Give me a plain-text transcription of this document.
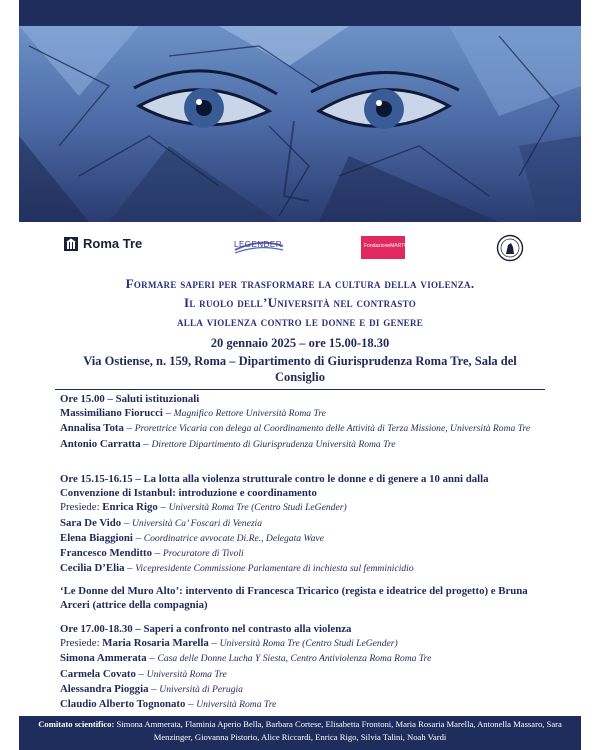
Roma Tre	LEGENDER	FondazioneMARTON
Formare saperi per trasformare la cultura della violenza.
Il ruolo dell’Università nel contrasto
alla violenza contro le donne e di genere
20 gennaio 2025 – ore 15.00-18.30
Via Ostiense, n. 159, Roma – Dipartimento di Giurisprudenza Roma Tre, Sala del Consiglio
Ore 15.00 – Saluti istituzionali
Massimiliano Fiorucci – Magnifico Rettore Università Roma Tre
Annalisa Tota – Prorettrice Vicaria con delega al Coordinamento delle Attività di Terza Missione, Università Roma Tre
Antonio Carratta – Direttore Dipartimento di Giurisprudenza Università Roma Tre
Ore 15.15-16.15 – La lotta alla violenza strutturale contro le donne e di genere a 10 anni dalla Convenzione di Istanbul: introduzione e coordinamento
Presiede: Enrica Rigo – Università Roma Tre (Centro Studi LeGender)
Sara De Vido – Università Ca’ Foscari di Venezia
Elena Biaggioni – Coordinatrice avvocate Di.Re., Delegata Wave
Francesco Menditto – Procuratore di Tivoli
Cecilia D’Elia – Vicepresidente Commissione Parlamentare di inchiesta sul femminicidio
‘Le Donne del Muro Alto’: intervento di Francesca Tricarico (regista e ideatrice del progetto) e Bruna Arceri (attrice della compagnia)
Ore 17.00-18.30 – Saperi a confronto nel contrasto alla violenza
Presiede: Maria Rosaria Marella – Università Roma Tre (Centro Studi LeGender)
Simona Ammerata – Casa delle Donne Lucha Y Siesta, Centro Antiviolenza Roma Roma Tre
Carmela Covato – Università Roma Tre
Alessandra Pioggia – Università di Perugia
Claudio Alberto Tognonato – Università Roma Tre
Comitato scientifico: Simona Ammerata, Flaminia Aperio Bella, Barbara Cortese, Elisabetta Frontoni, Maria Rosaria Marella, Antonella Massaro, Sara Menzinger, Giovanna Pistorio, Alice Riccardi, Enrica Rigo, Silvia Talini, Noah Vardi
